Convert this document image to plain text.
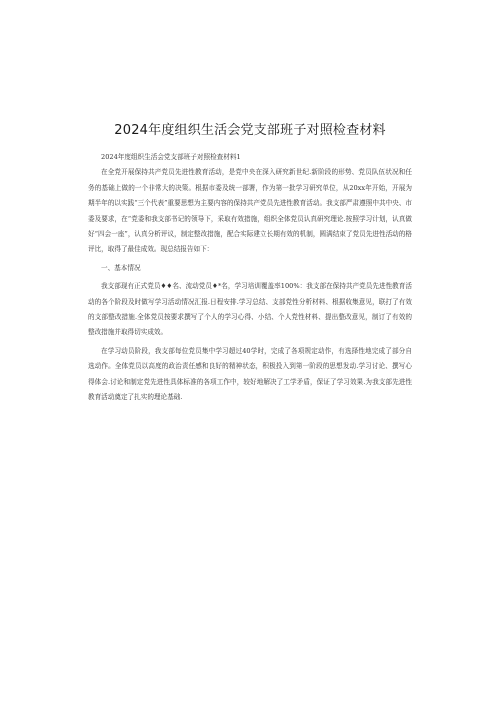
2024年度组织生活会党支部班子对照检查材料

2024年度组织生活会党支部班子对照检查材料1

在全党开展保持共产党员先进性教育活动，是党中央在深入研究新世纪.新阶段的形势、党员队伍状况和任务的基础上做的一个非常大的决策。根据市委及统一部署，作为第一批学习研究单位，从20xx年开始，开展为期半年的以实践“三个代表”重要思想为主要内容的保持共产党员先进性教育活动。我支部严肃遵照中共中央、市委及要求，在“党委和我支部书记的领导下，采取有效措施，组织全体党员认真研究理论.按照学习计划，认真做好“四会一座”，认真分析评议，制定整改措施，配合实际建立长期有效的机制，圆满结束了党员先进性活动的格评比，取得了最佳成效。现总结报告如下：

一、基本情况

我支部现有正式党员♦♦名、流动党员♦*名，学习培训覆盖率100%：我支部在保持共产党员先进性教育活动的各个阶段及时做写学习活动情况汇报.日程安排.学习总结、支部党性分析材料、根据收集意见，联打了有效的支部整改措施.全体党员按要求撰写了个人的学习心得、小结、个人党性材料、提出整改意见，制订了有效的整改措施并取得切实成效。

在学习动员阶段，我支部每位党员集中学习超过40学时，完成了各项规定动作，有选择性地完成了部分自选动作。全体党员以高度的政治责任感和良好的精神状态，积极投入到第一阶段的思想发动.学习讨论、撰写心得体会.讨论和制定党先进性具体标准的各项工作中，较好地解决了工学矛盾，保证了学习效果.为我支部先进性教育活动奠定了扎实的理论基础.
